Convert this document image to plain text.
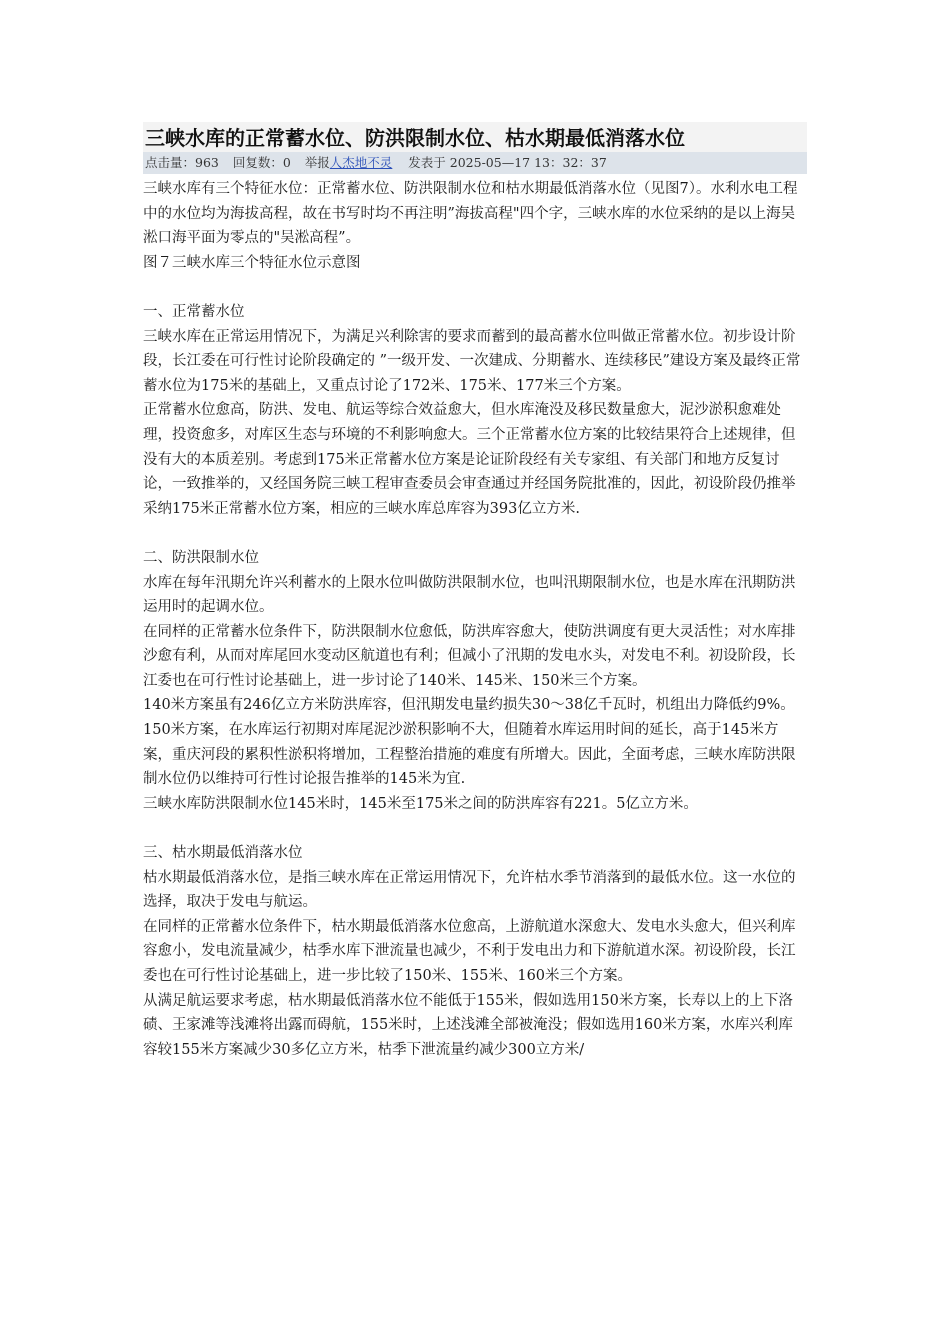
三峡水库的正常蓄水位、防洪限制水位、枯水期最低消落水位
点击量：963 回复数：0 举报人杰地不灵 发表于 2025-05—17 13：32：37

三峡水库有三个特征水位：正常蓄水位、防洪限制水位和枯水期最低消落水位（见图7）。水利水电工程中的水位均为海拔高程，故在书写时均不再注明”海拔高程"四个字，三峡水库的水位采纳的是以上海吴淞口海平面为零点的"吴淞高程”。

图７三峡水库三个特征水位示意图

一、正常蓄水位

三峡水库在正常运用情况下，为满足兴利除害的要求而蓄到的最高蓄水位叫做正常蓄水位。初步设计阶段，长江委在可行性讨论阶段确定的 ”一级开发、一次建成、分期蓄水、连续移民”建设方案及最终正常蓄水位为175米的基础上，又重点讨论了172米、175米、177米三个方案。

正常蓄水位愈高，防洪、发电、航运等综合效益愈大，但水库淹没及移民数量愈大，泥沙淤积愈难处理，投资愈多，对库区生态与环境的不利影响愈大。三个正常蓄水位方案的比较结果符合上述规律，但没有大的本质差别。考虑到175米正常蓄水位方案是论证阶段经有关专家组、有关部门和地方反复讨论，一致推举的，又经国务院三峡工程审查委员会审查通过并经国务院批准的，因此，初设阶段仍推举采纳175米正常蓄水位方案，相应的三峡水库总库容为393亿立方米.

二、防洪限制水位

水库在每年汛期允许兴利蓄水的上限水位叫做防洪限制水位，也叫汛期限制水位，也是水库在汛期防洪运用时的起调水位。

在同样的正常蓄水位条件下，防洪限制水位愈低，防洪库容愈大，使防洪调度有更大灵活性；对水库排沙愈有利，从而对库尾回水变动区航道也有利；但减小了汛期的发电水头，对发电不利。初设阶段，长江委也在可行性讨论基础上，进一步讨论了140米、145米、150米三个方案。

140米方案虽有246亿立方米防洪库容，但汛期发电量约损失30～38亿千瓦时，机组出力降低约9%。150米方案，在水库运行初期对库尾泥沙淤积影响不大，但随着水库运用时间的延长，高于145米方案，重庆河段的累积性淤积将增加，工程整治措施的难度有所增大。因此，全面考虑，三峡水库防洪限制水位仍以维持可行性讨论报告推举的145米为宜.

三峡水库防洪限制水位145米时，145米至175米之间的防洪库容有221。5亿立方米。

三、枯水期最低消落水位

枯水期最低消落水位，是指三峡水库在正常运用情况下，允许枯水季节消落到的最低水位。这一水位的选择，取决于发电与航运。

在同样的正常蓄水位条件下，枯水期最低消落水位愈高，上游航道水深愈大、发电水头愈大，但兴利库容愈小，发电流量减少，枯季水库下泄流量也减少，不利于发电出力和下游航道水深。初设阶段，长江委也在可行性讨论基础上，进一步比较了150米、155米、160米三个方案。

从满足航运要求考虑，枯水期最低消落水位不能低于155米，假如选用150米方案，长寿以上的上下洛碛、王家滩等浅滩将出露而碍航，155米时，上述浅滩全部被淹没；假如选用160米方案，水库兴利库容较155米方案减少30多亿立方米，枯季下泄流量约减少300立方米/
